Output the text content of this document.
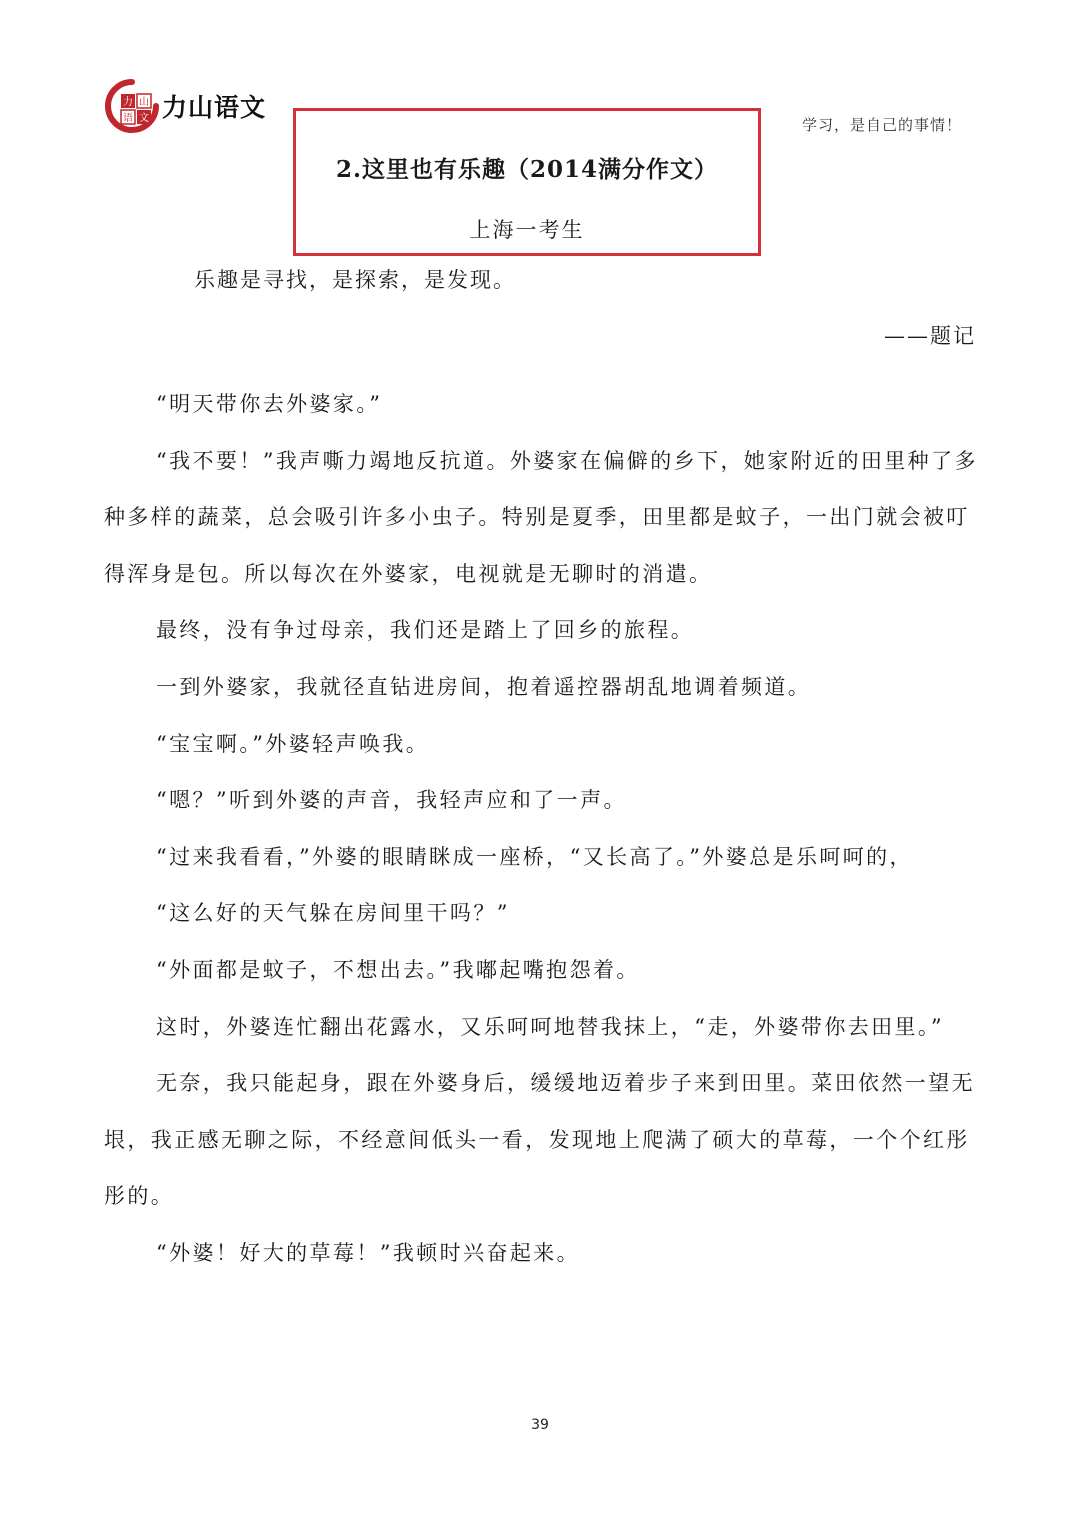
力 山
语 文 力山语文
学习，是自己的事情！
2.这里也有乐趣（2014满分作文）
上海一考生
乐趣是寻找，是探索，是发现。
——题记

“明天带你去外婆家。”

“我不要！”我声嘶力竭地反抗道。外婆家在偏僻的乡下，她家附近的田里种了多种多样的蔬菜，总会吸引许多小虫子。特别是夏季，田里都是蚊子，一出门就会被叮得浑身是包。所以每次在外婆家，电视就是无聊时的消遣。

最终，没有争过母亲，我们还是踏上了回乡的旅程。

一到外婆家，我就径直钻进房间，抱着遥控器胡乱地调着频道。

“宝宝啊。”外婆轻声唤我。

“嗯？”听到外婆的声音，我轻声应和了一声。

“过来我看看，”外婆的眼睛眯成一座桥，“又长高了。”外婆总是乐呵呵的，

“这么好的天气躲在房间里干吗？”

“外面都是蚊子，不想出去。”我嘟起嘴抱怨着。

这时，外婆连忙翻出花露水，又乐呵呵地替我抹上，“走，外婆带你去田里。”

无奈，我只能起身，跟在外婆身后，缓缓地迈着步子来到田里。菜田依然一望无垠，我正感无聊之际，不经意间低头一看，发现地上爬满了硕大的草莓，一个个红彤彤的。

“外婆！好大的草莓！”我顿时兴奋起来。

39
